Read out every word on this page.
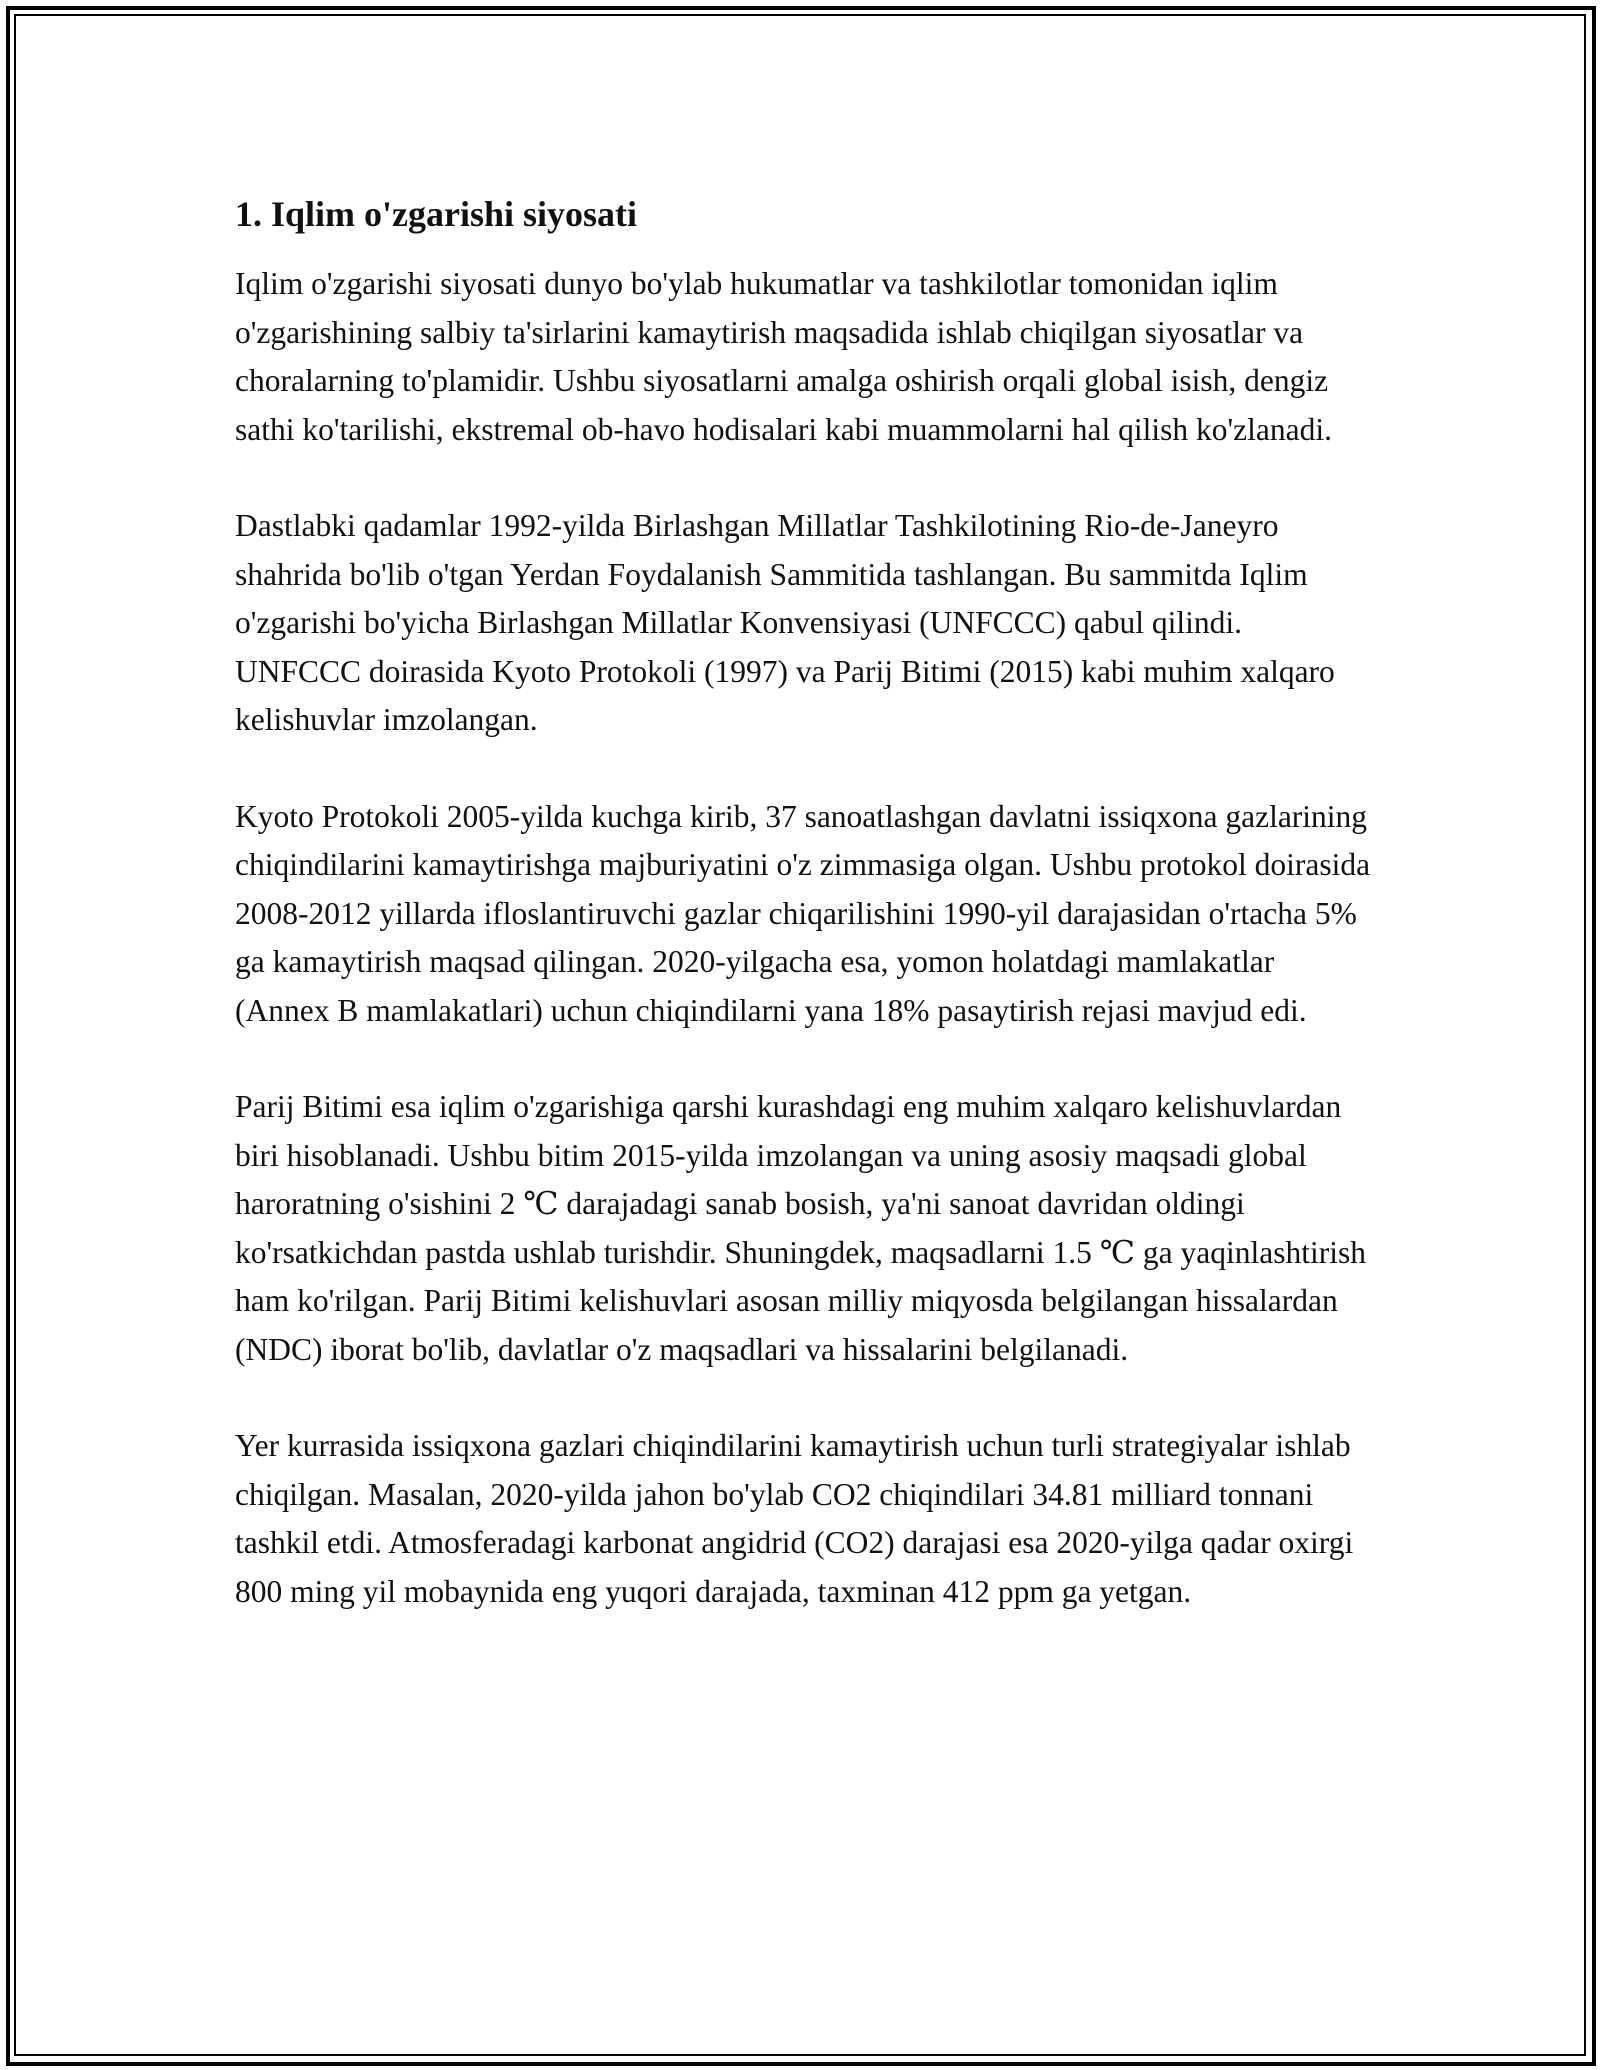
1. Iqlim o'zgarishi siyosati

Iqlim o'zgarishi siyosati dunyo bo'ylab hukumatlar va tashkilotlar tomonidan iqlim o'zgarishining salbiy ta'sirlarini kamaytirish maqsadida ishlab chiqilgan siyosatlar va choralarning to'plamidir. Ushbu siyosatlarni amalga oshirish orqali global isish, dengiz sathi ko'tarilishi, ekstremal ob-havo hodisalari kabi muammolarni hal qilish ko'zlanadi.

Dastlabki qadamlar 1992-yilda Birlashgan Millatlar Tashkilotining Rio-de-Janeyro shahrida bo'lib o'tgan Yerdan Foydalanish Sammitida tashlangan. Bu sammitda Iqlim o'zgarishi bo'yicha Birlashgan Millatlar Konvensiyasi (UNFCCC) qabul qilindi. UNFCCC doirasida Kyoto Protokoli (1997) va Parij Bitimi (2015) kabi muhim xalqaro kelishuvlar imzolangan.

Kyoto Protokoli 2005-yilda kuchga kirib, 37 sanoatlashgan davlatni issiqxona gazlarining chiqindilarini kamaytirishga majburiyatini o'z zimmasiga olgan. Ushbu protokol doirasida 2008-2012 yillarda ifloslantiruvchi gazlar chiqarilishini 1990-yil darajasidan o'rtacha 5% ga kamaytirish maqsad qilingan. 2020-yilgacha esa, yomon holatdagi mamlakatlar (Annex B mamlakatlari) uchun chiqindilarni yana 18% pasaytirish rejasi mavjud edi.

Parij Bitimi esa iqlim o'zgarishiga qarshi kurashdagi eng muhim xalqaro kelishuvlardan biri hisoblanadi. Ushbu bitim 2015-yilda imzolangan va uning asosiy maqsadi global haroratning o'sishini 2 ℃ darajadagi sanab bosish, ya'ni sanoat davridan oldingi ko'rsatkichdan pastda ushlab turishdir. Shuningdek, maqsadlarni 1.5 ℃ ga yaqinlashtirish ham ko'rilgan. Parij Bitimi kelishuvlari asosan milliy miqyosda belgilangan hissalardan (NDC) iborat bo'lib, davlatlar o'z maqsadlari va hissalarini belgilanadi.

Yer kurrasida issiqxona gazlari chiqindilarini kamaytirish uchun turli strategiyalar ishlab chiqilgan. Masalan, 2020-yilda jahon bo'ylab CO2 chiqindilari 34.81 milliard tonnani tashkil etdi. Atmosferadagi karbonat angidrid (CO2) darajasi esa 2020-yilga qadar oxirgi 800 ming yil mobaynida eng yuqori darajada, taxminan 412 ppm ga yetgan.
